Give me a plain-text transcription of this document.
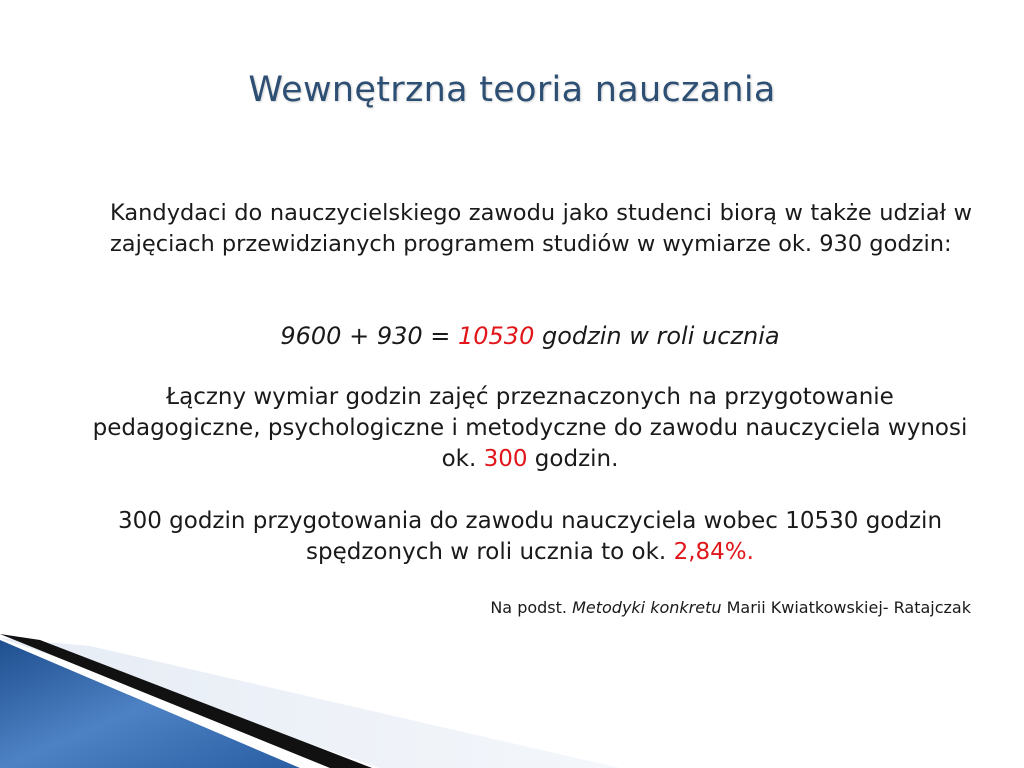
Wewnętrzna teoria nauczania

Kandydaci do nauczycielskiego zawodu jako studenci biorą w także udział w zajęciach przewidzianych programem studiów w wymiarze ok. 930 godzin:

9600 + 930 = 10530 godzin w roli ucznia

Łączny wymiar godzin zajęć przeznaczonych na przygotowanie pedagogiczne, psychologiczne i metodyczne do zawodu nauczyciela wynosi ok. 300 godzin.

300 godzin przygotowania do zawodu nauczyciela wobec 10530 godzin spędzonych w roli ucznia to ok. 2,84%.

Na podst. Metodyki konkretu Marii Kwiatkowskiej- Ratajczak
